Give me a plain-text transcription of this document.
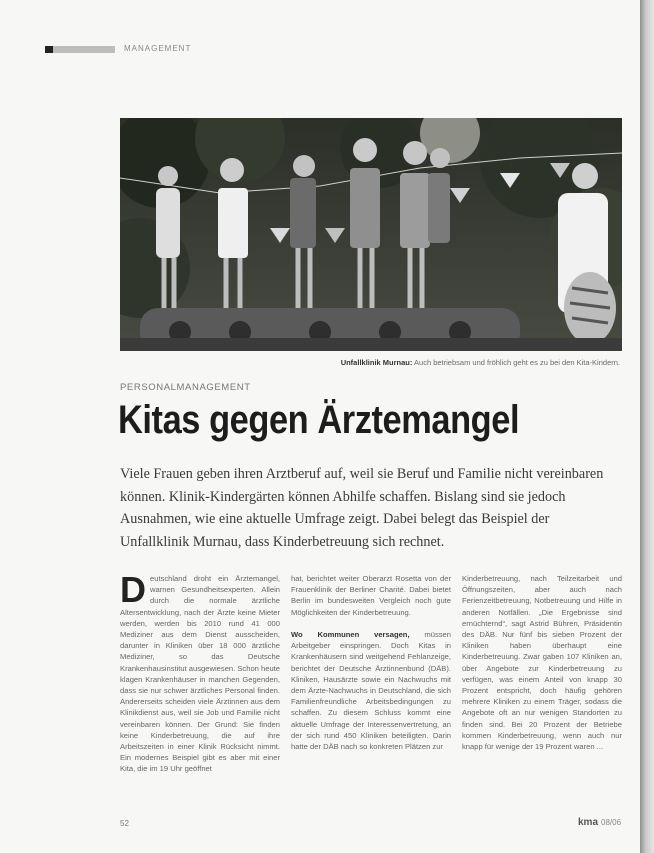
MANAGEMENT
Unfallklinik Murnau: Auch betriebsam und fröhlich geht es zu bei den Kita-Kindern.
PERSONALMANAGEMENT
Kitas gegen Ärztemangel
Viele Frauen geben ihren Arztberuf auf, weil sie Beruf und Familie nicht vereinbaren können. Klinik-Kindergärten können Abhilfe schaffen. Bislang sind sie jedoch Ausnahmen, wie eine aktuelle Umfrage zeigt. Dabei belegt das Beispiel der Unfallklinik Murnau, dass Kinderbetreuung sich rechnet.
D eutschland droht ein Ärztemangel, warnen Gesundheitsexperten. Allein durch die normale ärztliche Altersentwicklung, nach der Ärzte keine Mieter werden, werden bis 2010 rund 41 000 Mediziner aus dem Dienst ausscheiden, darunter in Kliniken über 18 000 ärztliche Mediziner, so das Deutsche Krankenhausinstitut ausgewiesen. Schon heute klagen Krankenhäuser in manchen Gegenden, dass sie nur schwer ärztliches Personal finden. Andererseits scheiden viele Ärztinnen aus dem Klinikdienst aus, weil sie Job und Familie nicht vereinbaren können. Der Grund: Sie finden keine Kinderbetreuung, die auf ihre Arbeitszeiten in einer Klinik Rücksicht nimmt. Ein modernes Beispiel gibt es aber mit einer Kita, die im 19 Uhr geöffnet
hat, berichtet weiter Oberarzt Rosetta von der Frauenklinik der Berliner Charité. Dabei bietet Berlin im bundesweiten Vergleich noch gute Möglichkeiten der Kinderbetreuung.

Wo Kommunen versagen, müssen Arbeitgeber einspringen. Doch Kitas in Krankenhäusern sind weitgehend Fehlanzeige, berichtet der Deutsche Ärztinnenbund (DÄB). Kliniken, Hausärzte sowie ein Nachwuchs mit dem Ärzte-Nachwuchs in Deutschland, die sich Familienfreundliche Arbeitsbedingungen zu schaffen. Zu diesem Schluss kommt eine aktuelle Umfrage der Interessenvertretung, an der sich rund 450 Kliniken beteiligten. Darin hatte der DÄB nach so konkreten Plätzen zur
Kinderbetreuung, nach Teilzeitarbeit und Öffnungszeiten, aber auch nach Ferienzeitbetreuung, Notbetreuung und Hilfe in anderen Notfällen. „Die Ergebnisse sind ernüchternd“, sagt Astrid Bühren, Präsidentin des DÄB. Nur fünf bis sieben Prozent der Kliniken haben überhaupt eine Kinderbetreuung. Zwar gaben 107 Kliniken an, über Angebote zur Kinderbetreuung zu verfügen, was einem Anteil von knapp 30 Prozent entspricht, doch häufig gehören mehrere Kliniken zu einem Träger, sodass die Angebote oft an nur wenigen Standorten zu finden sind. Bei 20 Prozent der Betriebe kommen Kinderbetreuung, wenn auch nur knapp für wenige der 19 Prozent waren ...
52	kma 08/06
